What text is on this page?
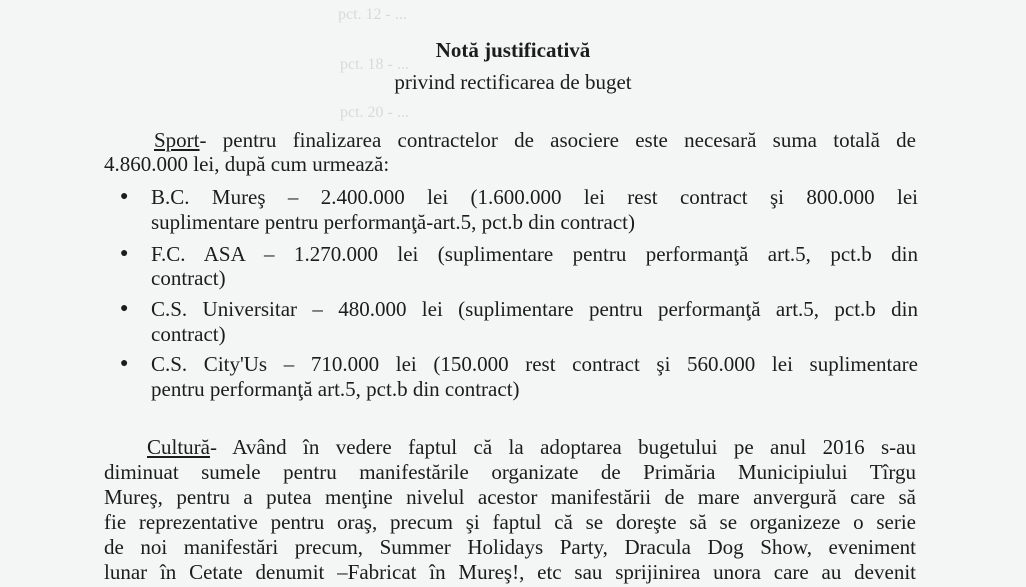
pct. 12 - ...
pct. 18 - ...
pct. 20 - ...
Notă justificativă
privind rectificarea de buget
Sport- pentru finalizarea contractelor de asociere este necesară suma totală de
4.860.000 lei, după cum urmează:
● B.C. Mureş – 2.400.000 lei (1.600.000 lei rest contract şi 800.000 lei
suplimentare pentru performanţă-art.5, pct.b din contract)
● F.C. ASA – 1.270.000 lei (suplimentare pentru performanţă art.5, pct.b din
contract)
● C.S. Universitar – 480.000 lei (suplimentare pentru performanţă art.5, pct.b din
contract)
● C.S. City'Us – 710.000 lei (150.000 rest contract şi 560.000 lei suplimentare
pentru performanţă art.5, pct.b din contract)
Cultură- Având în vedere faptul că la adoptarea bugetului pe anul 2016 s-au
diminuat sumele pentru manifestările organizate de Primăria Municipiului Tîrgu
Mureş, pentru a putea menţine nivelul acestor manifestării de mare anvergură care să
fie reprezentative pentru oraş, precum şi faptul că se doreşte să se organizeze o serie
de noi manifestări precum, Summer Holidays Party, Dracula Dog Show, eveniment
lunar în Cetate denumit –Fabricat în Mureş!, etc sau sprijinirea unora care au devenit
